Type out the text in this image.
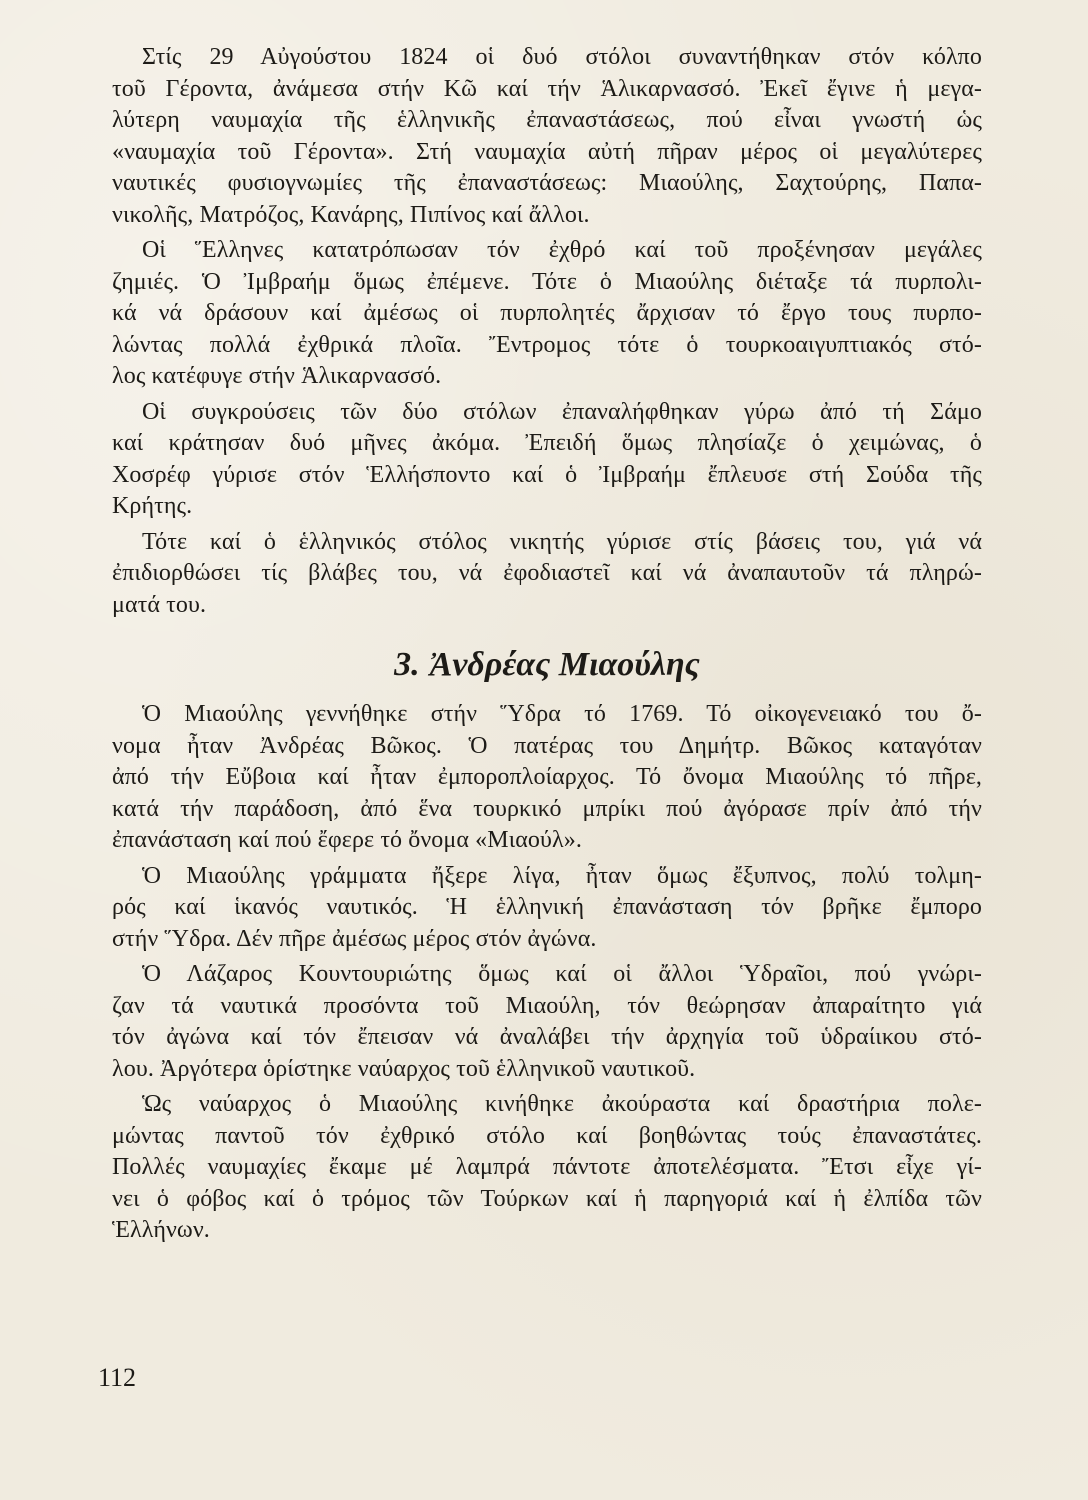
Στίς 29 Αὐγούστου 1824 οἱ δυό στόλοι συναντήθηκαν στόν κόλπο
τοῦ Γέροντα, ἀνάμεσα στήν Κῶ καί τήν Ἁλικαρνασσό. Ἐκεῖ ἔγινε ἡ μεγα-
λύτερη ναυμαχία τῆς ἑλληνικῆς ἐπαναστάσεως, πού εἶναι γνωστή ὡς
«ναυμαχία τοῦ Γέροντα». Στή ναυμαχία αὐτή πῆραν μέρος οἱ μεγαλύτερες
ναυτικές φυσιογνωμίες τῆς ἐπαναστάσεως: Μιαούλης, Σαχτούρης, Παπα-
νικολῆς, Ματρόζος, Κανάρης, Πιπίνος καί ἄλλοι.
Οἱ Ἕλληνες κατατρόπωσαν τόν ἐχθρό καί τοῦ προξένησαν μεγάλες
ζημιές. Ὁ Ἰμβραήμ ὅμως ἐπέμενε. Τότε ὁ Μιαούλης διέταξε τά πυρπολι-
κά νά δράσουν καί ἀμέσως οἱ πυρπολητές ἄρχισαν τό ἔργο τους πυρπο-
λώντας πολλά ἐχθρικά πλοῖα. Ἔντρομος τότε ὁ τουρκοαιγυπτιακός στό-
λος κατέφυγε στήν Ἁλικαρνασσό.
Οἱ συγκρούσεις τῶν δύο στόλων ἐπαναλήφθηκαν γύρω ἀπό τή Σάμο
καί κράτησαν δυό μῆνες ἀκόμα. Ἐπειδή ὅμως πλησίαζε ὁ χειμώνας, ὁ
Χοσρέφ γύρισε στόν Ἑλλήσποντο καί ὁ Ἰμβραήμ ἔπλευσε στή Σούδα τῆς
Κρήτης.
Τότε καί ὁ ἑλληνικός στόλος νικητής γύρισε στίς βάσεις του, γιά νά
ἐπιδιορθώσει τίς βλάβες του, νά ἐφοδιαστεῖ καί νά ἀναπαυτοῦν τά πληρώ-
ματά του.
3. Ἀνδρέας Μιαούλης
Ὁ Μιαούλης γεννήθηκε στήν Ὕδρα τό 1769. Τό οἰκογενειακό του ὄ-
νομα ἦταν Ἀνδρέας Βῶκος. Ὁ πατέρας του Δημήτρ. Βῶκος καταγόταν
ἀπό τήν Εὔβοια καί ἦταν ἐμποροπλοίαρχος. Τό ὄνομα Μιαούλης τό πῆρε,
κατά τήν παράδοση, ἀπό ἕνα τουρκικό μπρίκι πού ἀγόρασε πρίν ἀπό τήν
ἐπανάσταση καί πού ἔφερε τό ὄνομα «Μιαούλ».
Ὁ Μιαούλης γράμματα ἤξερε λίγα, ἦταν ὅμως ἔξυπνος, πολύ τολμη-
ρός καί ἱκανός ναυτικός. Ἡ ἑλληνική ἐπανάσταση τόν βρῆκε ἔμπορο
στήν Ὕδρα. Δέν πῆρε ἀμέσως μέρος στόν ἀγώνα.
Ὁ Λάζαρος Κουντουριώτης ὅμως καί οἱ ἄλλοι Ὑδραῖοι, πού γνώρι-
ζαν τά ναυτικά προσόντα τοῦ Μιαούλη, τόν θεώρησαν ἀπαραίτητο γιά
τόν ἀγώνα καί τόν ἔπεισαν νά ἀναλάβει τήν ἀρχηγία τοῦ ὑδραίικου στό-
λου. Ἀργότερα ὁρίστηκε ναύαρχος τοῦ ἑλληνικοῦ ναυτικοῦ.
Ὡς ναύαρχος ὁ Μιαούλης κινήθηκε ἀκούραστα καί δραστήρια πολε-
μώντας παντοῦ τόν ἐχθρικό στόλο καί βοηθώντας τούς ἐπαναστάτες.
Πολλές ναυμαχίες ἔκαμε μέ λαμπρά πάντοτε ἀποτελέσματα. Ἔτσι εἶχε γί-
νει ὁ φόβος καί ὁ τρόμος τῶν Τούρκων καί ἡ παρηγοριά καί ἡ ἐλπίδα τῶν
Ἑλλήνων.
112
